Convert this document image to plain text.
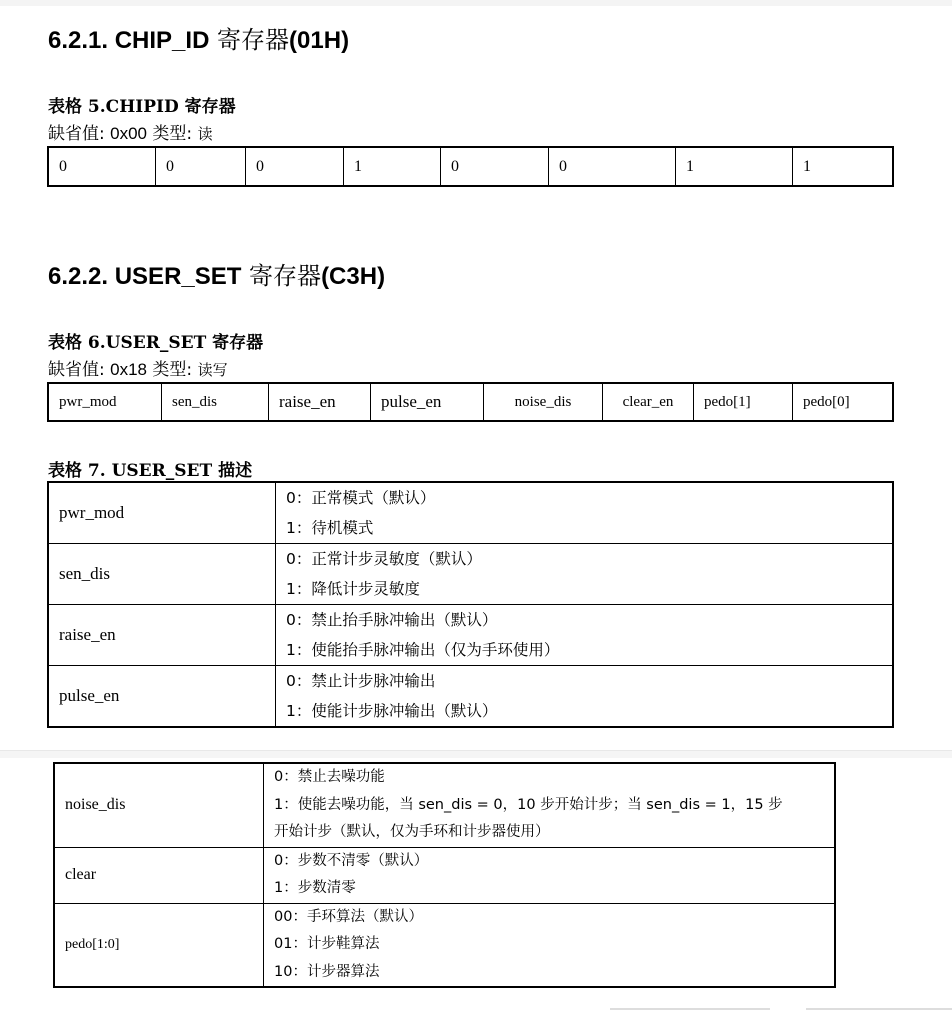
6.2.1. CHIP_ID 寄存器(01H)
表格 5.CHIPID 寄存器
缺省值: 0x00 类型: 读
0	0	0	1	0	0	1	1
6.2.2. USER_SET 寄存器(C3H)
表格 6.USER_SET 寄存器
缺省值: 0x18 类型: 读写
pwr_mod	sen_dis	raise_en	pulse_en	noise_dis	clear_en	pedo[1]	pedo[0]
表格 7. USER_SET 描述
pwr_mod	0：正常模式（默认）
1：待机模式

sen_dis	0：正常计步灵敏度（默认）
1：降低计步灵敏度

raise_en	0：禁止抬手脉冲输出（默认）
1：使能抬手脉冲输出（仅为手环使用）

pulse_en	0：禁止计步脉冲输出
1：使能计步脉冲输出（默认）
noise_dis	0：禁止去噪功能
1：使能去噪功能，当 sen_dis = 0，10 步开始计步；当 sen_dis = 1，15 步
开始计步（默认，仅为手环和计步器使用）

clear	0：步数不清零（默认）
1：步数清零

pedo[1:0]	00：手环算法（默认）
01：计步鞋算法
10：计步器算法
